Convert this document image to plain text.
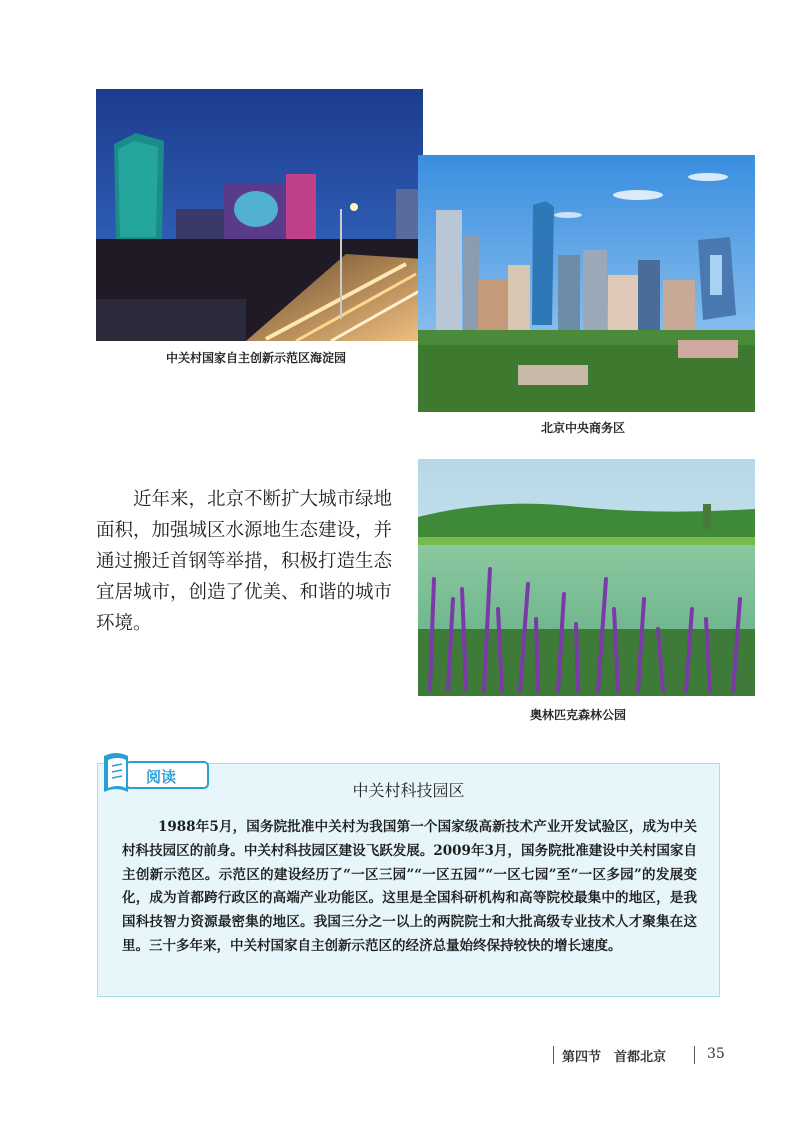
中关村国家自主创新示范区海淀园
北京中央商务区

近年来，北京不断扩大城市绿地面积，加强城区水源地生态建设，并通过搬迁首钢等举措，积极打造生态宜居城市，创造了优美、和谐的城市环境。

奥林匹克森林公园
中关村科技园区

1988年5月，国务院批准中关村为我国第一个国家级高新技术产业开发试验区，成为中关村科技园区的前身。中关村科技园区建设飞跃发展。2009年3月，国务院批准建设中关村国家自主创新示范区。示范区的建设经历了“一区三园”“一区五园”“一区七园”至“一区多园”的发展变化，成为首都跨行政区的高端产业功能区。这里是全国科研机构和高等院校最集中的地区，是我国科技智力资源最密集的地区。我国三分之一以上的两院院士和大批高级专业技术人才聚集在这里。三十多年来，中关村国家自主创新示范区的经济总量始终保持较快的增长速度。

阅读
第四节　首都北京	35
